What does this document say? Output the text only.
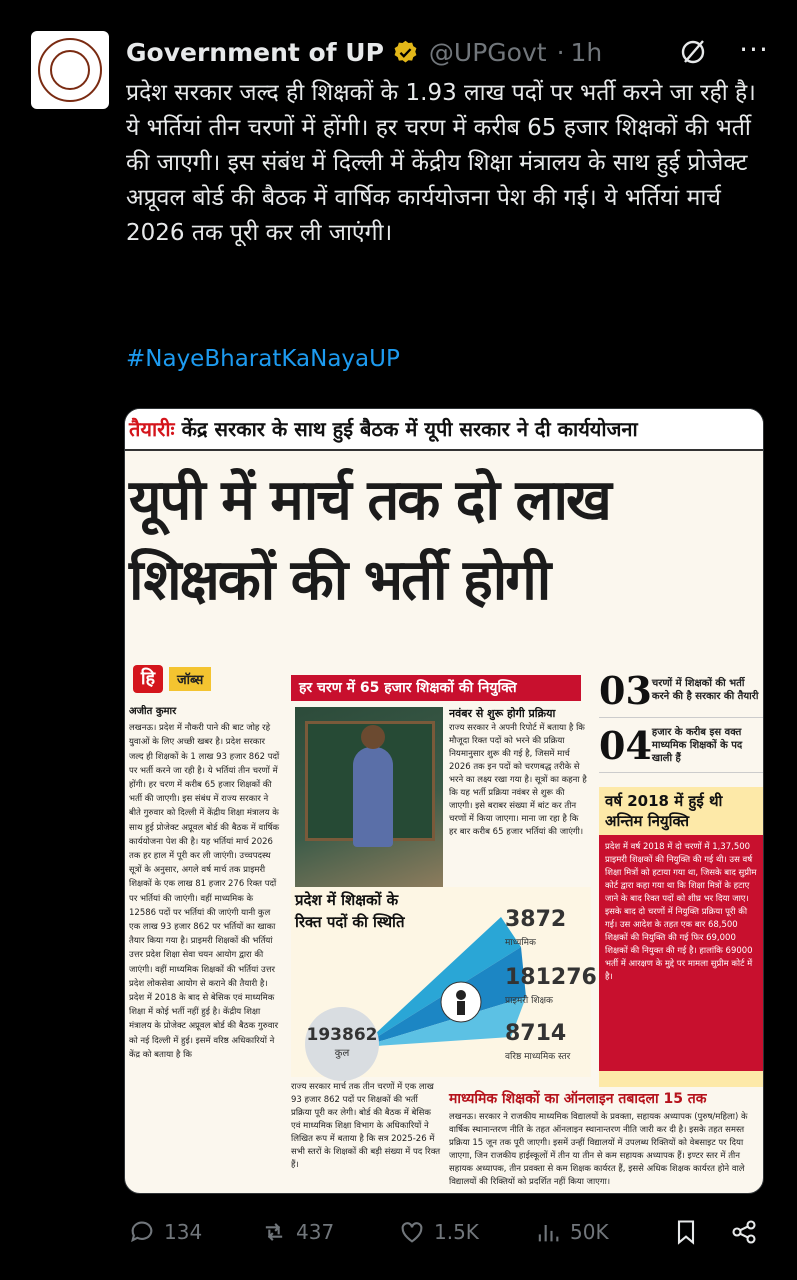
Government of UP @UPGovt · 1h	···
प्रदेश सरकार जल्द ही शिक्षकों के 1.93 लाख पदों पर भर्ती करने जा रही है। ये भर्तियां तीन चरणों में होंगी। हर चरण में करीब 65 हजार शिक्षकों की भर्ती की जाएगी। इस संबंध में दिल्ली में केंद्रीय शिक्षा मंत्रालय के साथ हुई प्रोजेक्ट अप्रूवल बोर्ड की बैठक में वार्षिक कार्ययोजना पेश की गई। ये भर्तियां मार्च 2026 तक पूरी कर ली जाएंगी।
#NayeBharatKaNayaUP
तैयारीः केंद्र सरकार के साथ हुई बैठक में यूपी सरकार ने दी कार्ययोजना
यूपी में मार्च तक दो लाख
शिक्षकों की भर्ती होगी
हि	जॉब्स
अजीत कुमार
लखनऊ। प्रदेश में नौकरी पाने की बाट जोह रहे युवाओं के लिए अच्छी खबर है। प्रदेश सरकार जल्द ही शिक्षकों के 1 लाख 93 हजार 862 पदों पर भर्ती करने जा रही है। ये भर्तियां तीन चरणों में होंगी। हर चरण में करीब 65 हजार शिक्षकों की भर्ती की जाएगी। इस संबंध में राज्य सरकार ने बीते गुरुवार को दिल्ली में केंद्रीय शिक्षा मंत्रालय के साथ हुई प्रोजेक्ट अप्रूवल बोर्ड की बैठक में वार्षिक कार्ययोजना पेश की है। यह भर्तियां मार्च 2026 तक हर हाल में पूरी कर ली जाएंगी। उच्चपदस्थ सूत्रों के अनुसार, अगले वर्ष मार्च तक प्राइमरी शिक्षकों के एक लाख 81 हजार 276 रिक्त पदों पर भर्तियां की जाएंगी। वहीं माध्यमिक के 12586 पदों पर भर्तियां की जाएंगी यानी कुल एक लाख 93 हजार 862 पर भर्तियों का खाका तैयार किया गया है। प्राइमरी शिक्षकों की भर्तियां उत्तर प्रदेश शिक्षा सेवा चयन आयोग द्वारा की जाएंगी। वहीं माध्यमिक शिक्षकों की भर्तियां उत्तर प्रदेश लोकसेवा आयोग से कराने की तैयारी है। प्रदेश में 2018 के बाद से बेसिक एवं माध्यमिक शिक्षा में कोई भर्ती नहीं हुई है। केंद्रीय शिक्षा मंत्रालय के प्रोजेक्ट अप्रूवल बोर्ड की बैठक गुरुवार को नई दिल्ली में हुई। इसमें वरिष्ठ अधिकारियों ने केंद्र को बताया है कि
हर चरण में 65 हजार शिक्षकों की नियुक्ति
नवंबर से शुरू होगी प्रक्रिया
राज्य सरकार ने अपनी रिपोर्ट में बताया है कि मौजूदा रिक्त पदों को भरने की प्रक्रिया नियमानुसार शुरू की गई है, जिसमें मार्च 2026 तक इन पदों को चरणबद्ध तरीके से भरने का लक्ष्य रखा गया है। सूत्रों का कहना है कि यह भर्ती प्रक्रिया नवंबर से शुरू की जाएगी। इसे बराबर संख्या में बांट कर तीन चरणों में किया जाएगा। माना जा रहा है कि हर बार करीब 65 हजार भर्तियां की जाएंगी।
प्रदेश में शिक्षकों के रिक्त पदों की स्थिति
193862
कुल
3872
माध्यमिक
181276
प्राइमरी शिक्षक
8714
वरिष्ठ माध्यमिक स्तर
राज्य सरकार मार्च तक तीन चरणों में एक लाख 93 हजार 862 पदों पर शिक्षकों की भर्ती प्रक्रिया पूरी कर लेगी। बोर्ड की बैठक में बेसिक एवं माध्यमिक शिक्षा विभाग के अधिकारियों ने लिखित रूप में बताया है कि सत्र 2025-26 में सभी स्तरों के शिक्षकों की बड़ी संख्या में पद रिक्त हैं।
माध्यमिक शिक्षकों का ऑनलाइन तबादला 15 तक
लखनऊ। सरकार ने राजकीय माध्यमिक विद्यालयों के प्रवक्ता, सहायक अध्यापक (पुरुष/महिला) के वार्षिक स्थानान्तरण नीति के तहत ऑनलाइन स्थानान्तरण नीति जारी कर दी है। इसके तहत समस्त प्रक्रिया 15 जून तक पूरी जाएगी। इसमें उन्हीं विद्यालयों में उपलब्ध रिक्तियों को वेबसाइट पर दिया जाएगा, जिन राजकीय हाईस्कूलों में तीन या तीन से कम सहायक अध्यापक हैं। इण्टर स्तर में तीन सहायक अध्यापक, तीन प्रवक्ता से कम शिक्षक कार्यरत हैं, इससे अधिक शिक्षक कार्यरत होने वाले विद्यालयों की रिक्तियों को प्रदर्शित नहीं किया जाएगा।
03 चरणों में शिक्षकों की भर्ती करने की है सरकार की तैयारी
04 हजार के करीब इस वक्त माध्यमिक शिक्षकों के पद खाली हैं
वर्ष 2018 में हुई थी अन्तिम नियुक्ति
प्रदेश में वर्ष 2018 में दो चरणों में 1,37,500 प्राइमरी शिक्षकों की नियुक्ति की गई थी। उस वर्ष शिक्षा मित्रों को हटाया गया था, जिसके बाद सुप्रीम कोर्ट द्वारा कहा गया था कि शिक्षा मित्रों के हटाए जाने के बाद रिक्त पदों को शीघ्र भर दिया जाए। इसके बाद दो चरणों में नियुक्ति प्रक्रिया पूरी की गई। उस आदेश के तहत एक बार 68,500 शिक्षकों की नियुक्ति की गई फिर 69,000 शिक्षकों की नियुक्त की गई है। हालांकि 69000 भर्ती में आरक्षण के मुद्दे पर मामला सुप्रीम कोर्ट में है।
134	437	1.5K	50K
